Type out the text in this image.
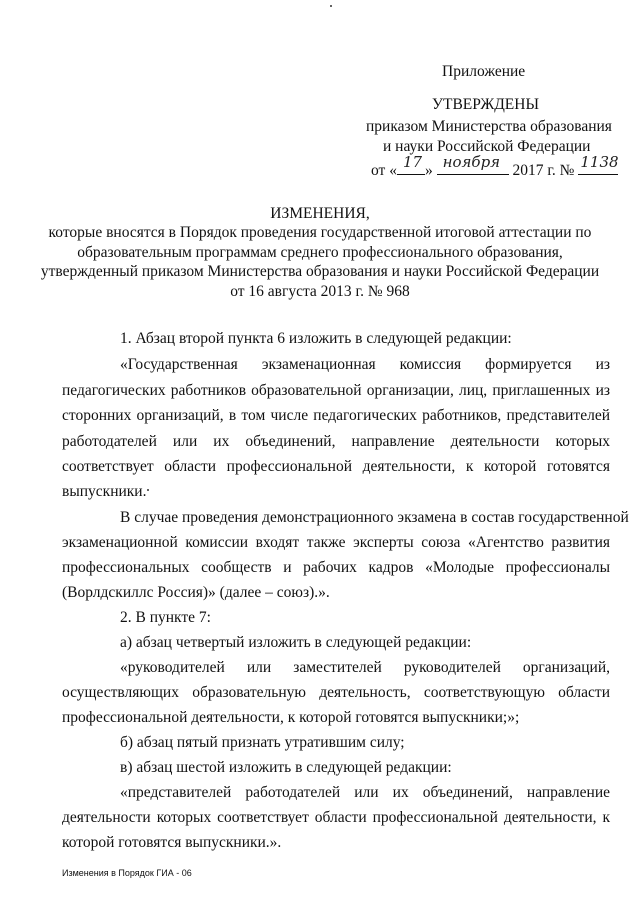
Приложение
УТВЕРЖДЕНЫ
приказом Министерства образования
и науки Российской Федерации
от « 17 » ноября 2017 г. № 1138
ИЗМЕНЕНИЯ,
которые вносятся в Порядок проведения государственной итоговой аттестации по
образовательным программам среднего профессионального образования,
утвержденный приказом Министерства образования и науки Российской Федерации
от 16 августа 2013 г. № 968
1. Абзац второй пункта 6 изложить в следующей редакции:
«Государственная экзаменационная комиссия формируется из
педагогических работников образовательной организации, лиц, приглашенных из
сторонних организаций, в том числе педагогических работников, представителей
работодателей или их объединений, направление деятельности которых
соответствует области профессиональной деятельности, к которой готовятся
выпускники.
В случае проведения демонстрационного экзамена в состав государственной
экзаменационной комиссии входят также эксперты союза «Агентство развития
профессиональных сообществ и рабочих кадров «Молодые профессионалы
(Ворлдскиллс Россия)» (далее – союз).».
2. В пункте 7:
а) абзац четвертый изложить в следующей редакции:
«руководителей или заместителей руководителей организаций,
осуществляющих образовательную деятельность, соответствующую области
профессиональной деятельности, к которой готовятся выпускники;»;
б) абзац пятый признать утратившим силу;
в) абзац шестой изложить в следующей редакции:
«представителей работодателей или их объединений, направление
деятельности которых соответствует области профессиональной деятельности, к
которой готовятся выпускники.».
Изменения в Порядок ГИА - 06
